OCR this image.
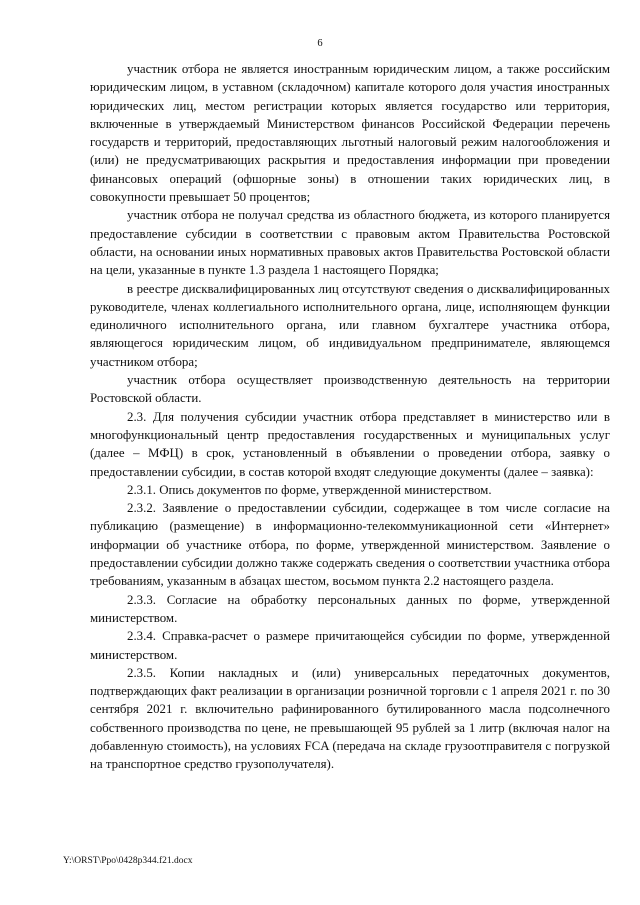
6

участник отбора не является иностранным юридическим лицом, а также российским юридическим лицом, в уставном (складочном) капитале которого доля участия иностранных юридических лиц, местом регистрации которых является государство или территория, включенные в утверждаемый Министерством финансов Российской Федерации перечень государств и территорий, предоставляющих льготный налоговый режим налогообложения и (или) не предусматривающих раскрытия и предоставления информации при проведении финансовых операций (офшорные зоны) в отношении таких юридических лиц, в совокупности превышает 50 процентов;

участник отбора не получал средства из областного бюджета, из которого планируется предоставление субсидии в соответствии с правовым актом Правительства Ростовской области, на основании иных нормативных правовых актов Правительства Ростовской области на цели, указанные в пункте 1.3 раздела 1 настоящего Порядка;

в реестре дисквалифицированных лиц отсутствуют сведения о дисквалифицированных руководителе, членах коллегиального исполнительного органа, лице, исполняющем функции единоличного исполнительного органа, или главном бухгалтере участника отбора, являющегося юридическим лицом, об индивидуальном предпринимателе, являющемся участником отбора;

участник отбора осуществляет производственную деятельность на территории Ростовской области.

2.3. Для получения субсидии участник отбора представляет в министерство или в многофункциональный центр предоставления государственных и муниципальных услуг (далее – МФЦ) в срок, установленный в объявлении о проведении отбора, заявку о предоставлении субсидии, в состав которой входят следующие документы (далее – заявка):

2.3.1. Опись документов по форме, утвержденной министерством.

2.3.2. Заявление о предоставлении субсидии, содержащее в том числе согласие на публикацию (размещение) в информационно-телекоммуникационной сети «Интернет» информации об участнике отбора, по форме, утвержденной министерством. Заявление о предоставлении субсидии должно также содержать сведения о соответствии участника отбора требованиям, указанным в абзацах шестом, восьмом пункта 2.2 настоящего раздела.

2.3.3. Согласие на обработку персональных данных по форме, утвержденной министерством.

2.3.4. Справка-расчет о размере причитающейся субсидии по форме, утвержденной министерством.

2.3.5. Копии накладных и (или) универсальных передаточных документов, подтверждающих факт реализации в организации розничной торговли с 1 апреля 2021 г. по 30 сентября 2021 г. включительно рафинированного бутилированного масла подсолнечного собственного производства по цене, не превышающей 95 рублей за 1 литр (включая налог на добавленную стоимость), на условиях FCA (передача на складе грузоотправителя с погрузкой на транспортное средство грузополучателя).

Y:\ORST\Ppo\0428p344.f21.docx
